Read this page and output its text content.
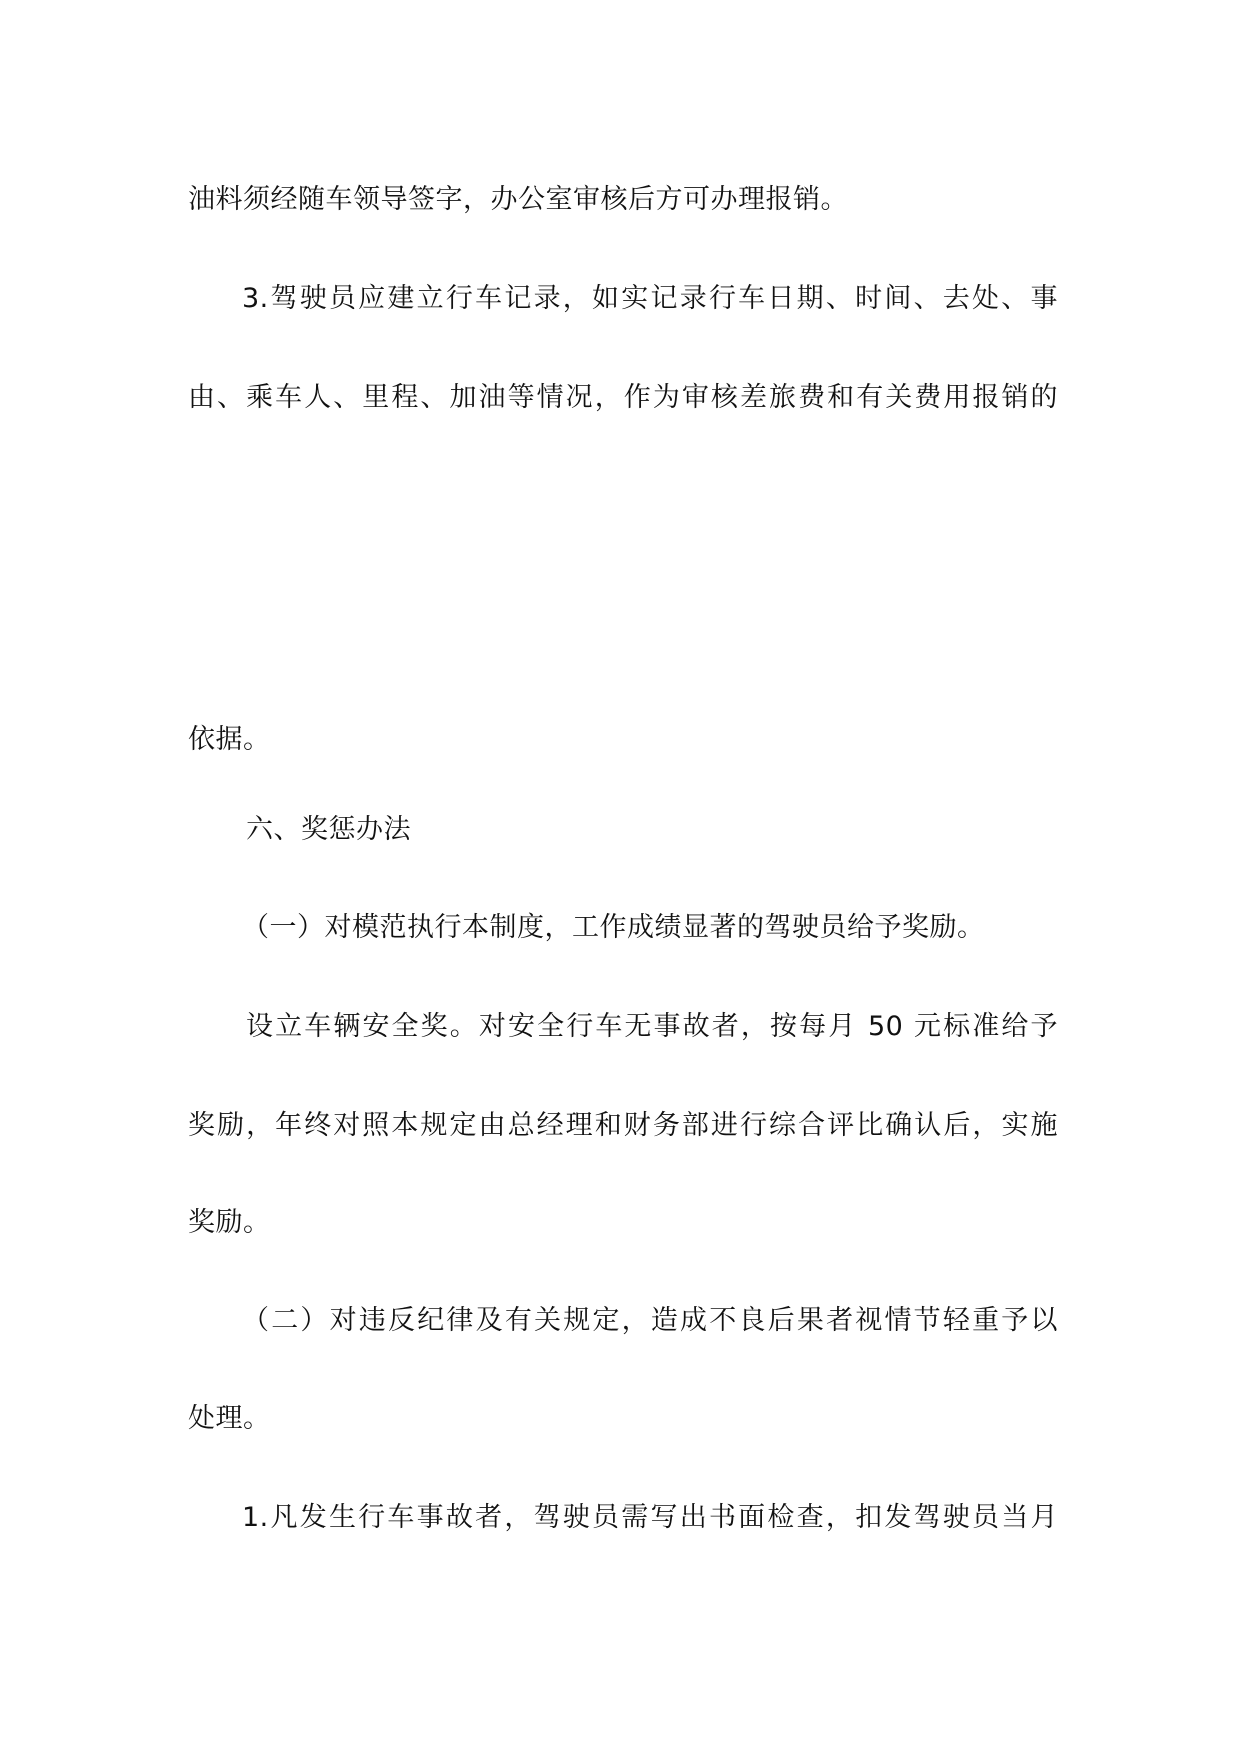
油料须经随车领导签字，办公室审核后方可办理报销。
3.驾驶员应建立行车记录，如实记录行车日期、时间、去处、事
由、乘车人、里程、加油等情况，作为审核差旅费和有关费用报销的
依据。
六、奖惩办法
（一）对模范执行本制度，工作成绩显著的驾驶员给予奖励。
设立车辆安全奖。对安全行车无事故者，按每月 50 元标准给予
奖励，年终对照本规定由总经理和财务部进行综合评比确认后，实施
奖励。
（二）对违反纪律及有关规定，造成不良后果者视情节轻重予以
处理。
1.凡发生行车事故者，驾驶员需写出书面检查，扣发驾驶员当月
